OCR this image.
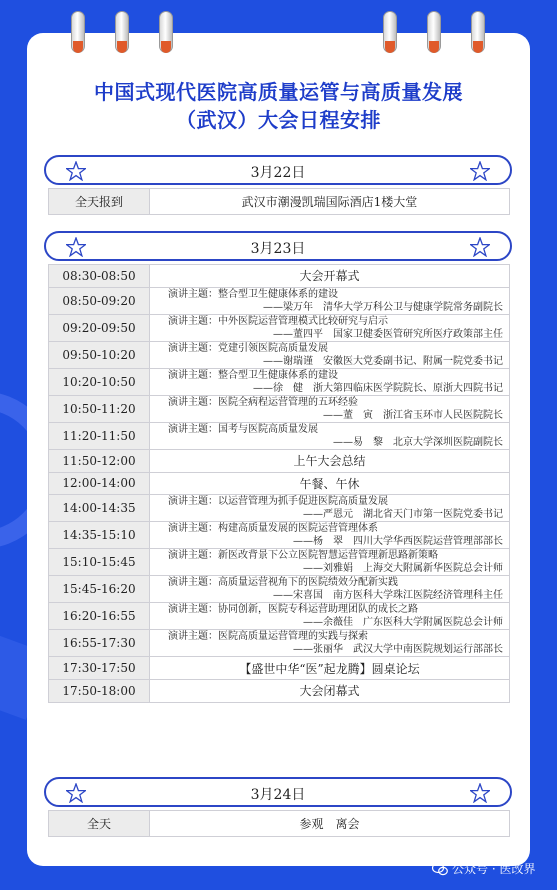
中国式现代医院高质量运管与高质量发展
（武汉）大会日程安排
3月22日
全天报到	武汉市潮漫凯瑞国际酒店1楼大堂
3月23日
08:30-08:50	大会开幕式
08:50-09:20	演讲主题：整合型卫生健康体系的建设
——梁万年　清华大学万科公卫与健康学院常务副院长

09:20-09:50	演讲主题：中外医院运营管理模式比较研究与启示
——董四平　国家卫健委医管研究所医疗政策部主任

09:50-10:20	演讲主题：党建引领医院高质量发展
——谢瑞谨　安徽医大党委副书记、附属一院党委书记

10:20-10:50	演讲主题：整合型卫生健康体系的建设
——徐　健　浙大第四临床医学院院长、原浙大四院书记

10:50-11:20	演讲主题：医院全病程运营管理的五环经验
——董　寅　浙江省玉环市人民医院院长

11:20-11:50	演讲主题：国考与医院高质量发展
——易　黎　北京大学深圳医院副院长

11:50-12:00	上午大会总结
12:00-14:00	午餐、午休
14:00-14:35	演讲主题：以运营管理为抓手促进医院高质量发展
——严恩元　湖北省天门市第一医院党委书记

14:35-15:10	演讲主题：构建高质量发展的医院运营管理体系
——杨　翠　四川大学华西医院运营管理部部长

15:10-15:45	演讲主题：新医改背景下公立医院智慧运营管理新思路新策略
——刘雅娟　上海交大附属新华医院总会计师

15:45-16:20	演讲主题：高质量运营视角下的医院绩效分配新实践
——宋喜国　南方医科大学珠江医院经济管理科主任

16:20-16:55	演讲主题：协同创新，医院专科运营助理团队的成长之路
——余薇佳　广东医科大学附属医院总会计师

16:55-17:30	演讲主题：医院高质量运营管理的实践与探索
——张丽华　武汉大学中南医院规划运行部部长

17:30-17:50	【盛世中华“医”起龙腾】圆桌论坛
17:50-18:00	大会闭幕式
3月24日
全天	参观　离会
公众号 · 医改界
